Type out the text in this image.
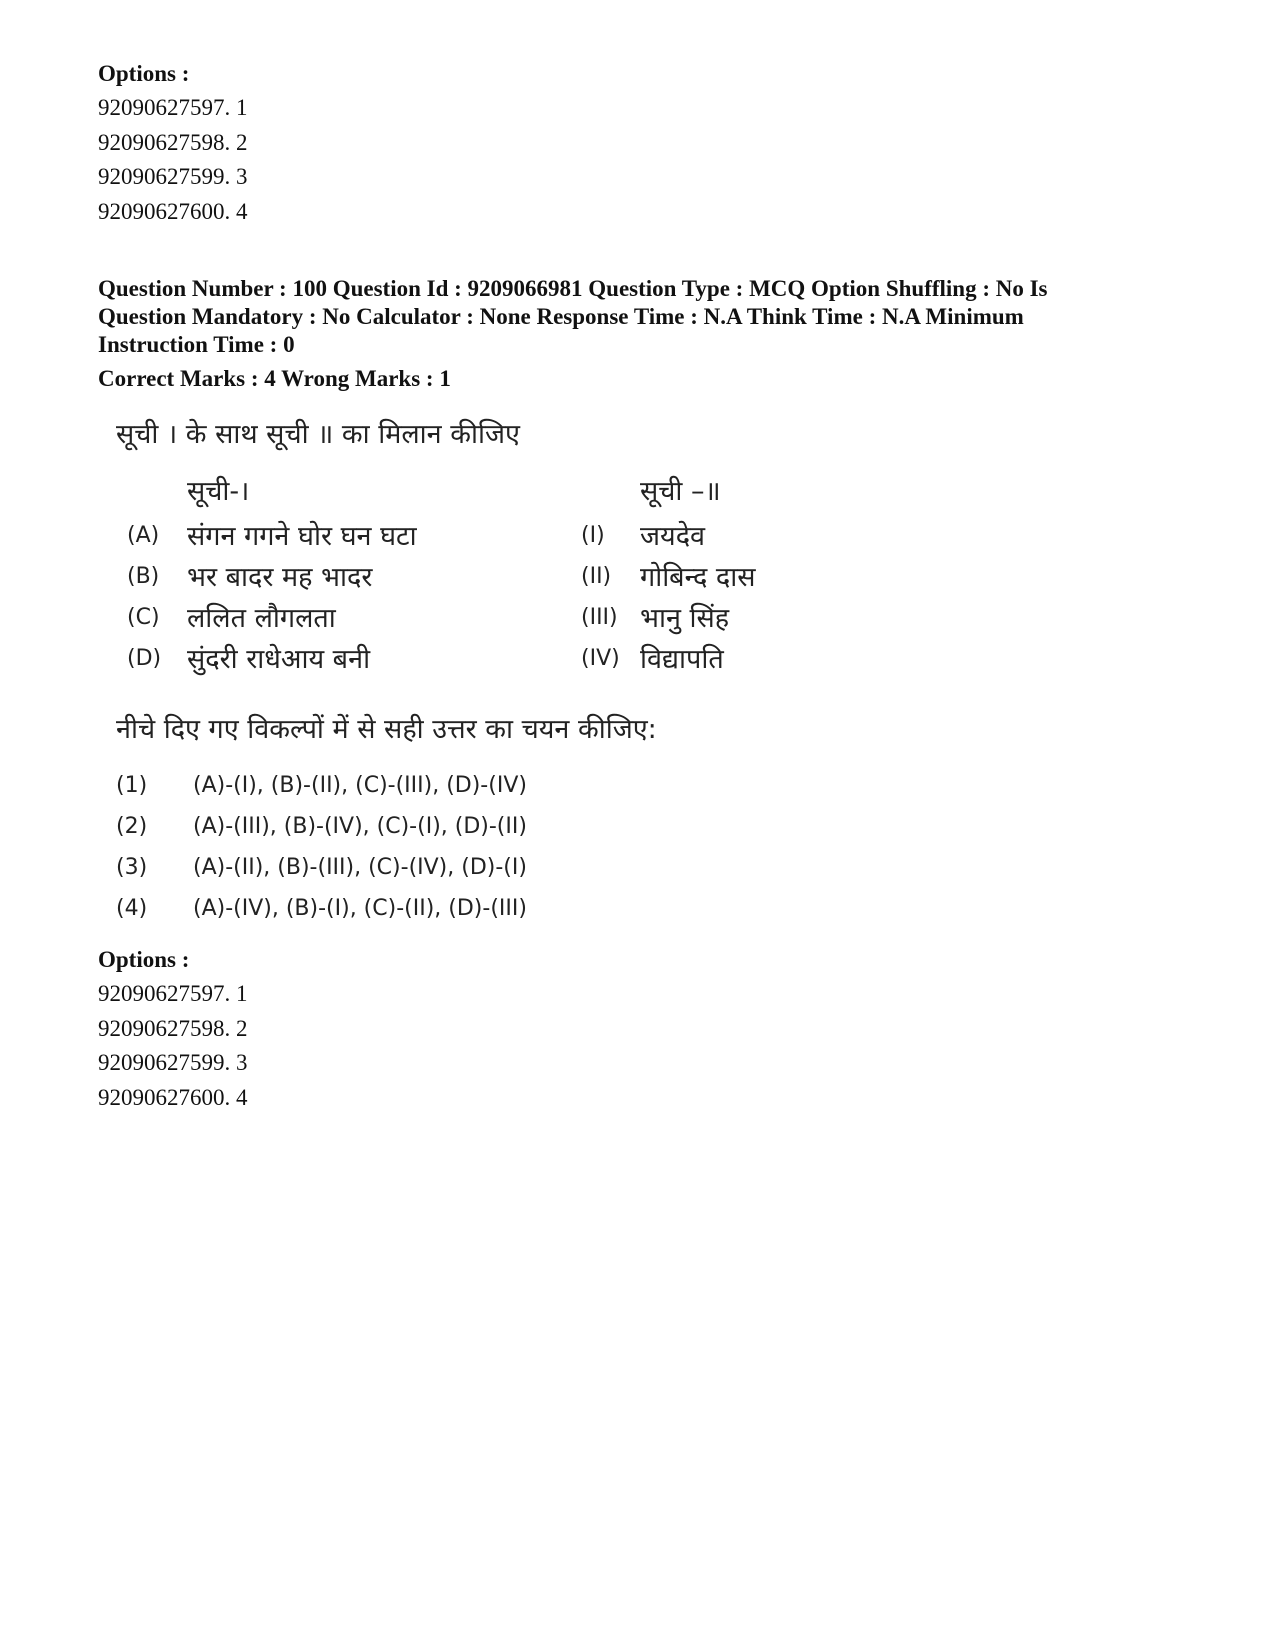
Options :

92090627597. 1

92090627598. 2

92090627599. 3

92090627600. 4

Question Number : 100 Question Id : 9209066981 Question Type : MCQ Option Shuffling : No Is
Question Mandatory : No Calculator : None Response Time : N.A Think Time : N.A Minimum
Instruction Time : 0
Correct Marks : 4 Wrong Marks : 1
सूची । के साथ सूची ॥ का मिलान कीजिए
सूची-।	सूची –॥
(A) संगन गगने घोर घन घटा
(B) भर बादर मह भादर
(C) ललित लौगलता
(D) सुंदरी राधेआय बनी
(I) जयदेव
(II) गोबिन्द दास
(III) भानु सिंह
(IV) विद्यापति
नीचे दिए गए विकल्पों में से सही उत्तर का चयन कीजिए:
(1) (A)-(I), (B)-(II), (C)-(III), (D)-(IV)
(2) (A)-(III), (B)-(IV), (C)-(I), (D)-(II)
(3) (A)-(II), (B)-(III), (C)-(IV), (D)-(I)
(4) (A)-(IV), (B)-(I), (C)-(II), (D)-(III)

Options :

92090627597. 1

92090627598. 2

92090627599. 3

92090627600. 4
